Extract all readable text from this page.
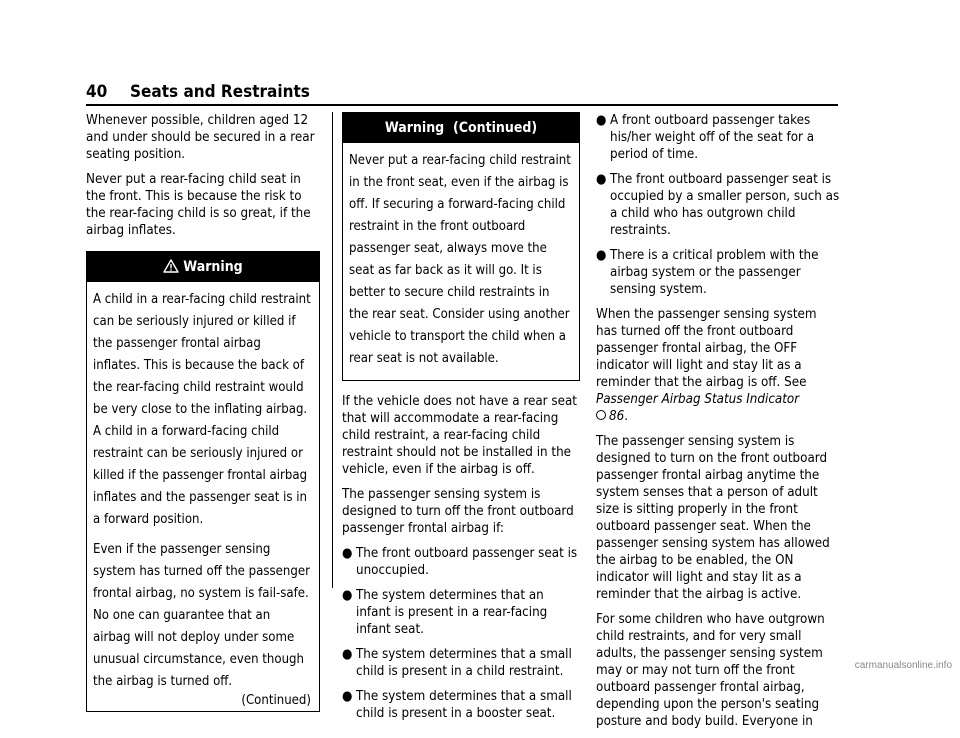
40 Seats and Restraints

Whenever possible, children aged 12 and under should be secured in a rear seating position.

Never put a rear-facing child seat in the front. This is because the risk to the rear-facing child is so great, if the airbag inflates.

Warning

A child in a rear-facing child restraint can be seriously injured or killed if the passenger frontal airbag inflates. This is because the back of the rear-facing child restraint would be very close to the inflating airbag. A child in a forward-facing child restraint can be seriously injured or killed if the passenger frontal airbag inflates and the passenger seat is in a forward position.

Even if the passenger sensing system has turned off the passenger frontal airbag, no system is fail-safe. No one can guarantee that an airbag will not deploy under some unusual circumstance, even though the airbag is turned off.

(Continued)
Warning  (Continued)

Never put a rear-facing child restraint in the front seat, even if the airbag is off. If securing a forward-facing child restraint in the front outboard passenger seat, always move the seat as far back as it will go. It is better to secure child restraints in the rear seat. Consider using another vehicle to transport the child when a rear seat is not available.

If the vehicle does not have a rear seat that will accommodate a rear-facing child restraint, a rear-facing child restraint should not be installed in the vehicle, even if the airbag is off.

The passenger sensing system is designed to turn off the front outboard passenger frontal airbag if:

● The front outboard passenger seat is unoccupied.
● The system determines that an infant is present in a rear-facing infant seat.
● The system determines that a small child is present in a child restraint.
● The system determines that a small child is present in a booster seat.
● A front outboard passenger takes his/her weight off of the seat for a period of time.
● The front outboard passenger seat is occupied by a smaller person, such as a child who has outgrown child restraints.
● There is a critical problem with the airbag system or the passenger sensing system.

When the passenger sensing system has turned off the front outboard passenger frontal airbag, the OFF indicator will light and stay lit as a reminder that the airbag is off. See Passenger Airbag Status Indicator
86.

The passenger sensing system is designed to turn on the front outboard passenger frontal airbag anytime the system senses that a person of adult size is sitting properly in the front outboard passenger seat. When the passenger sensing system has allowed the airbag to be enabled, the ON indicator will light and stay lit as a reminder that the airbag is active.

For some children who have outgrown child restraints, and for very small adults, the passenger sensing system may or may not turn off the front outboard passenger frontal airbag, depending upon the person's seating posture and body build. Everyone in

carmanualsonline.info
